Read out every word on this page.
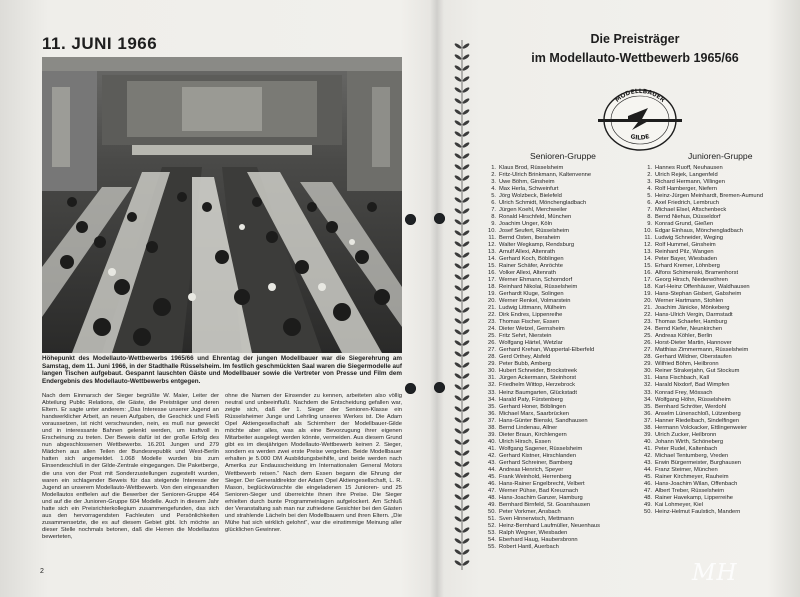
11. JUNI 1966
Höhepunkt des Modellauto-Wettbewerbs 1965/66 und Ehrentag der jungen Modellbauer war die Siegerehrung am Samstag, dem 11. Juni 1966, in der Stadthalle Rüsselsheim. Im festlich geschmückten Saal waren die Siegermodelle auf langen Tischen aufgebaut. Gespannt lauschten Gäste und Modellbauer sowie die Vertreter von Presse und Film dem Endergebnis des Modellauto-Wettbewerbs entgegen.
Nach dem Einmarsch der Sieger begrüßte W. Maier, Leiter der Abteilung Public Relations, die Gäste, die Preisträger und deren Eltern. Er sagte unter anderem: „Das Interesse unserer Jugend an handwerklicher Arbeit, an neuen Aufgaben, die Geschick und Fleiß voraussetzen, ist nicht verschwunden, nein, es muß nur geweckt und in interessante Bahnen gelenkt werden, um kraftvoll in Erscheinung zu treten. Der Beweis dafür ist der große Erfolg des nun abgeschlossenen Wettbewerbs. 16.201 Jungen und 279 Mädchen aus allen Teilen der Bundesrepublik und West-Berlin hatten sich angemeldet. 1.068 Modelle wurden bis zum Einsendeschluß in der Gilde-Zentrale eingegangen. Die Paketberge, die uns von der Post mit Sonderzustellungen zugestellt wurden, waren ein schlagender Beweis für das steigende Interesse der Jugend an unserem Modellauto-Wettbewerb. Von den eingesandten Modellautos entfielen auf die Bewerber der Senioren-Gruppe 464 und auf die der Junioren-Gruppe 604 Modelle. Auch in diesem Jahr hatte sich ein Preisrichterkollegium zusammengefunden, das sich aus den hervorragendsten Fachleuten und Persönlichkeiten zusammensetzte, die es auf diesem Gebiet gibt. Ich möchte an dieser Stelle nochmals betonen, daß die Herren die Modellautos bewerteten,
ohne die Namen der Einsender zu kennen, arbeiteten also völlig neutral und unbeeinflußt. Nachdem die Entscheidung gefallen war, zeigte sich, daß der 1. Sieger der Senioren-Klasse ein Rüsselsheimer Junge und Lehrling unseres Werkes ist. Die Adam Opel Aktiengesellschaft als Schirmherr der Modellbauer-Gilde möchte aber alles, was als eine Bevorzugung ihrer eigenen Mitarbeiter ausgelegt werden könnte, vermeiden. Aus diesem Grund gibt es im diesjährigen Modellauto-Wettbewerb keinen 2. Sieger, sondern es werden zwei erste Preise vergeben. Beide Modellbauer erhalten je 5.000 DM Ausbildungsbeihilfe, und beide werden nach Amerika zur Endausscheidung im Internationalen General Motors Wettbewerb reisen.“ Nach dem Essen begann die Ehrung der Sieger. Der Generaldirektor der Adam Opel Aktiengesellschaft, L. R. Mason, beglückwünschte die eingeladenen 15 Junioren- und 25 Senioren-Sieger und überreichte ihnen ihre Preise. Die Sieger erhielten durch bunte Programmeinlagen aufgelockert. Am Schluß der Veranstaltung sah man nur zufriedene Gesichter bei den Gästen und strahlende Lächeln bei den Modellbauern und ihren Eltern. „Die Mühe hat sich wirklich gelohnt“, war die einstimmige Meinung aller glücklichen Gewinner.
2
Die Preisträger
im Modellauto-Wettbewerb 1965/66
MODELLBAUER
GILDE
Senioren-Gruppe	Junioren-Gruppe
1. Klaus Brod, Rüsselsheim
2. Fritz-Ulrich Brinkmann, Kaltenvenne
3. Uwe Böhm, Ginsheim
4. Max Herla, Schweinfurt
5. Jörg Wolzbeck, Bielefeld
6. Ulrich Schmidt, Mönchengladbach
7. Jürgen Koehl, Merchweiler
8. Ronald Hirschfeld, München
9. Joachim Unger, Köln
10. Josef Seufert, Rüsselsheim
11. Bernd Osten, Iberaheim
12. Walter Wegkamp, Rendsburg
13. Arnulf Allexi, Altenrath
14. Gerhard Koch, Böblingen
15. Rainer Schäfer, Anröchte
16. Volker Allexi, Altenrath
17. Werner Ehmann, Schorndorf
18. Reinhard Nikolai, Rüsselsheim
19. Gerhardt Kluge, Solingen
20. Werner Renkel, Volmarstein
21. Ludwig Littmann, Mülheim
22. Dirk Endres, Lippenreihe
23. Thomas Fischer, Essen
24. Dieter Wetzel, Gernsheim
25. Fritz Sehrt, Nierstein
26. Wolfgang Härtel, Wetzlar
27. Gerhard Krehan, Wuppertal-Elberfeld
28. Gerd Orthey, Alsfeld
29. Peter Bubb, Amberg
30. Hubert Schneider, Brockstreek
31. Jürgen Ackermann, Steinhorst
32. Friedhelm Wittop, Herzebrock
33. Heinz Baumgarten, Glückstadt
34. Harald Paty, Fürstenberg
35. Gerhard Honer, Böblingen
36. Michael Marx, Saarbrücken
37. Hans-Günter Bienski, Sandhausen
38. Bernd Lindenau, Allner
39. Dieter Braun, Kirchlengern
40. Ulrich Hirsch, Essen
41. Wolfgang Sagener, Rüsselsheim
42. Gerhard Kistner, Hirschlanden
43. Gerhard Schreiner, Bamberg
44. Andreas Henrich, Speyer
45. Frank Weinhold, Herrenberg
46. Hans-Rainer Engelbrecht, Velbert
47. Werner Pühse, Bad Kreuznach
48. Hans-Joachim Ganzer, Hamburg
49. Bernhard Birnfeld, St. Goarshausen
50. Peter Vorkmer, Ansbach
51. Sven Hinnerwisch, Mettmann
52. Heinz-Bernhard Laufmüller, Neuenhaus
53. Ralph Wegner, Wiesbaden
54. Eberhard Haug, Haubersbronn
55. Robert Hantl, Auerbach
1. Hannes Ruoff, Neuhausen
2. Ulrich Rejek, Langenfeld
3. Richard Hermann, Villingen
4. Rolf Hamberger, Niefern
5. Heinz-Jürgen Meinhardt, Bremen-Aumund
6. Axel Friedrich, Lembruch
7. Michael Elsel, Aftschenbeck
8. Bernd Niehus, Düsseldorf
9. Konrad Grund, Gießen
10. Edgar Einhaus, Mönchengladbach
11. Ludwig Schneider, Weging
12. Rolf Hummel, Ginsheim
13. Reinhard Pilz, Wangen
14. Peter Bayer, Wiesbaden
15. Erhard Kremer, Löhnberg
16. Alfons Schimenski, Bramenhorst
17. Georg Hirsch, Niederwöhren
18. Karl-Heinz Offenhäuser, Waldhausen
19. Hans-Stephan Gisbert, Gabsheim
20. Werner Hartmann, Stohlen
21. Joachim Jänicke, Mönkeberg
22. Hans-Ulrich Vergin, Darmstadt
23. Thomas Schaefer, Hamburg
24. Bernd Kiefer, Neunkirchen
25. Andreas Köhler, Berlin
26. Horst-Dieter Martin, Hannover
27. Matthias Zimmermann, Rüsselsheim
28. Gerhard Wildner, Oberstaufen
29. Wilfried Böhm, Heilbronn
30. Reiner Strakerjahn, Gut Stockum
31. Hans Fischbach, Kall
32. Harald Nixdorf, Bad Wimpfen
33. Konrad Frey, Mössach
34. Wolfgang Höhn, Rüsselsheim
35. Bernhard Schröter, Werdohl
36. Anselm Lünenschloß, Lützenberg
37. Hanner Riedelbach, Sindelfingen
38. Hermann Volckacker, Ettlingenweier
39. Ulrich Zucker, Heilbronn
40. Johann Wirth, Schöneberg
41. Peter Rudel, Kaltenbach
42. Michael Tentumberg, Vreden
43. Erwin Bürgermeister, Burghausen
44. Franz Steimer, München
45. Rainer Kirchmeyer, Rauheim
46. Hans-Joachim Wilan, Offenbach
47. Albert Treber, Rüsselsheim
48. Rainer Havekamp, Lipperreihe
49. Kai Lohmeyer, Kiel
50. Heinz-Helmut Faulstich, Mandern
MH
